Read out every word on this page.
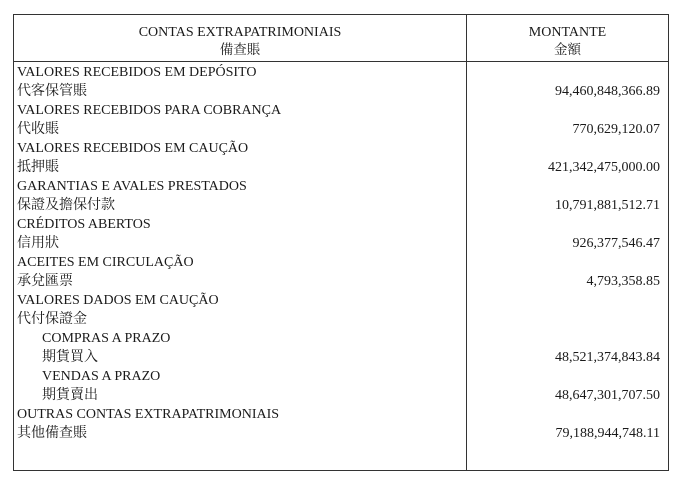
CONTAS EXTRAPATRIMONIAIS
備查賬
MONTANTE
金額
VALORES RECEBIDOS EM DEPÓSITO
代客保管賬	94,460,848,366.89
VALORES RECEBIDOS PARA COBRANÇA
代收賬	770,629,120.07
VALORES RECEBIDOS EM CAUÇÃO
抵押賬	421,342,475,000.00
GARANTIAS E AVALES PRESTADOS
保證及擔保付款	10,791,881,512.71
CRÉDITOS ABERTOS
信用狀	926,377,546.47
ACEITES EM CIRCULAÇÃO
承兌匯票	4,793,358.85
VALORES DADOS EM CAUÇÃO
代付保證金
COMPRAS A PRAZO
期貨買入	48,521,374,843.84
VENDAS A PRAZO
期貨賣出	48,647,301,707.50
OUTRAS CONTAS EXTRAPATRIMONIAIS
其他備查賬	79,188,944,748.11
